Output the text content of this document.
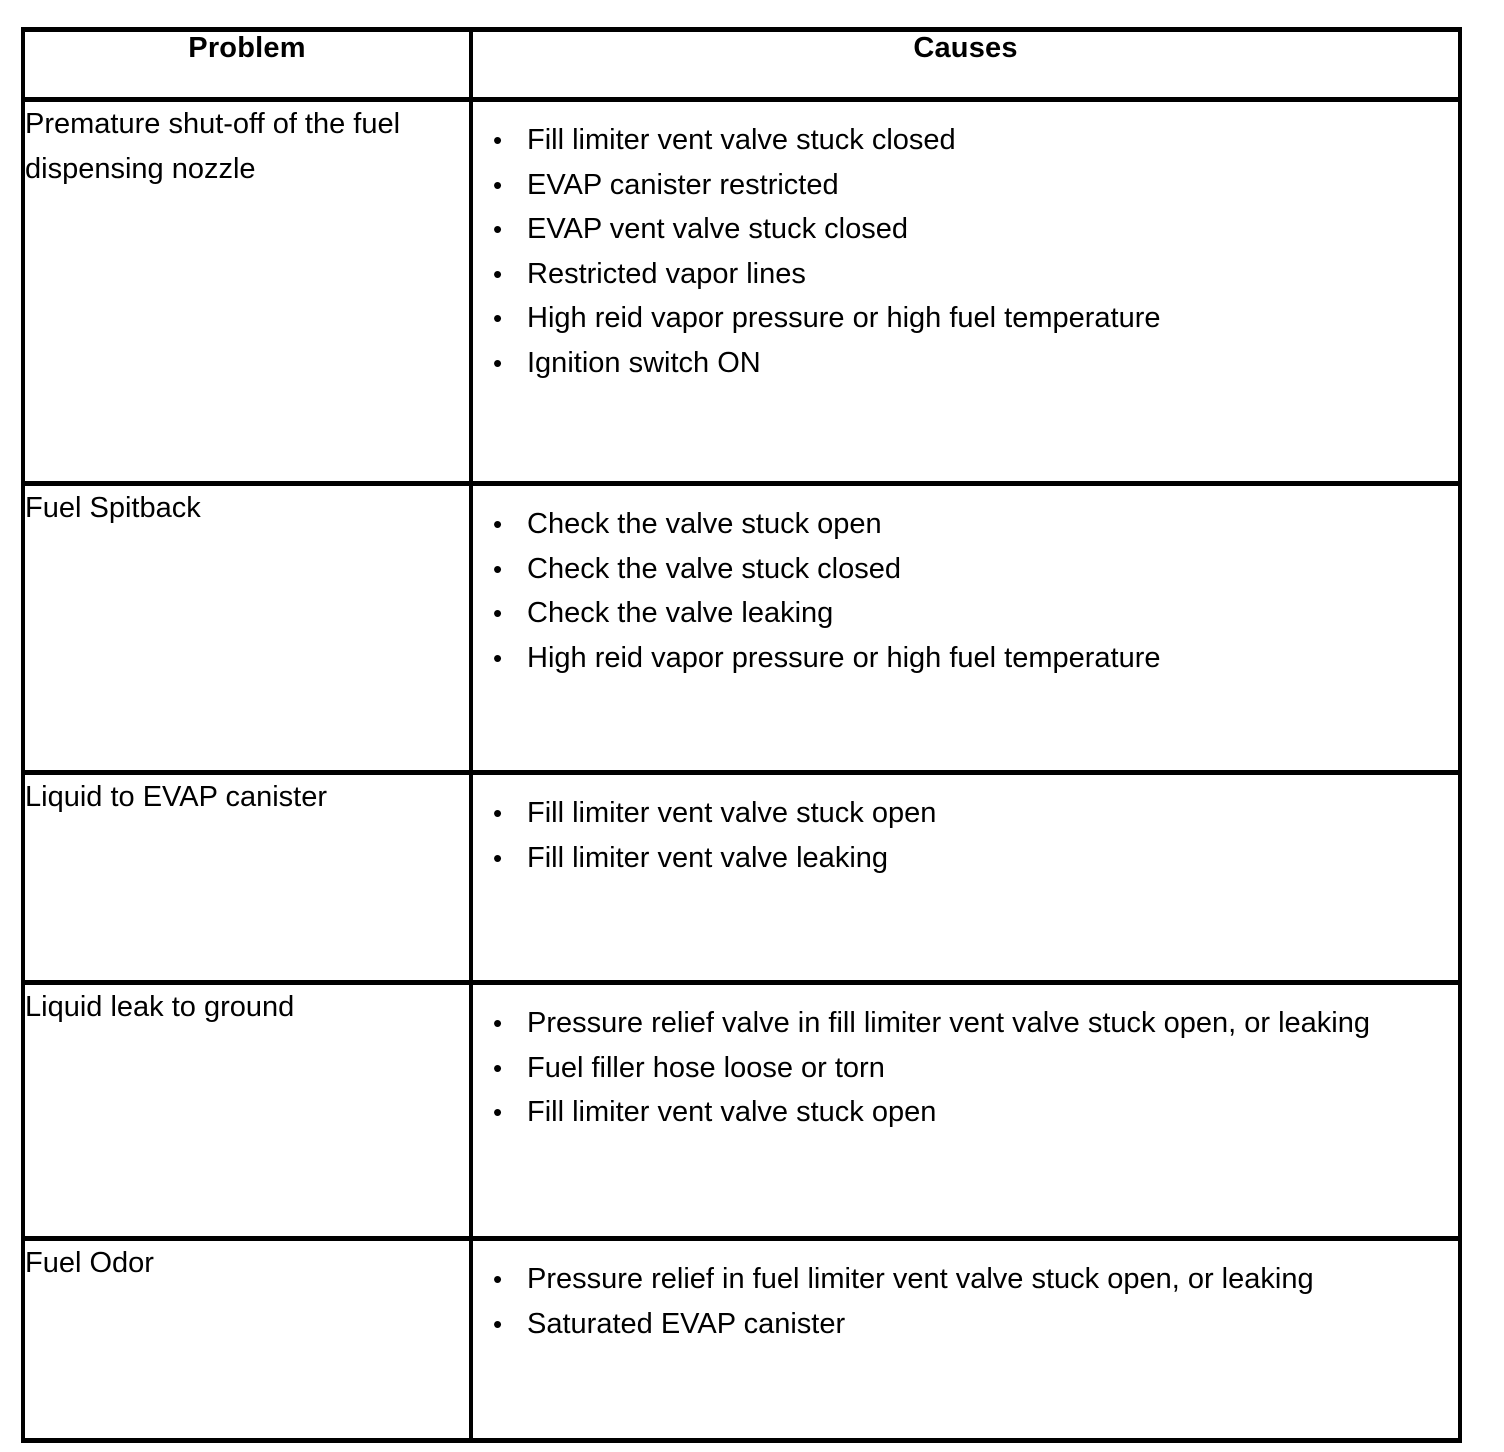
Problem	Causes
Premature shut-off of the fuel dispensing nozzle	
• Fill limiter vent valve stuck closed
• EVAP canister restricted
• EVAP vent valve stuck closed
• Restricted vapor lines
• High reid vapor pressure or high fuel temperature
• Ignition switch ON

Fuel Spitback	• Check the valve stuck open
• Check the valve stuck closed
• Check the valve leaking
• High reid vapor pressure or high fuel temperature

Liquid to EVAP canister	• Fill limiter vent valve stuck open
• Fill limiter vent valve leaking

Liquid leak to ground	• Pressure relief valve in fill limiter vent valve stuck open, or leaking
• Fuel filler hose loose or torn
• Fill limiter vent valve stuck open

Fuel Odor	• Pressure relief in fuel limiter vent valve stuck open, or leaking
• Saturated EVAP canister
